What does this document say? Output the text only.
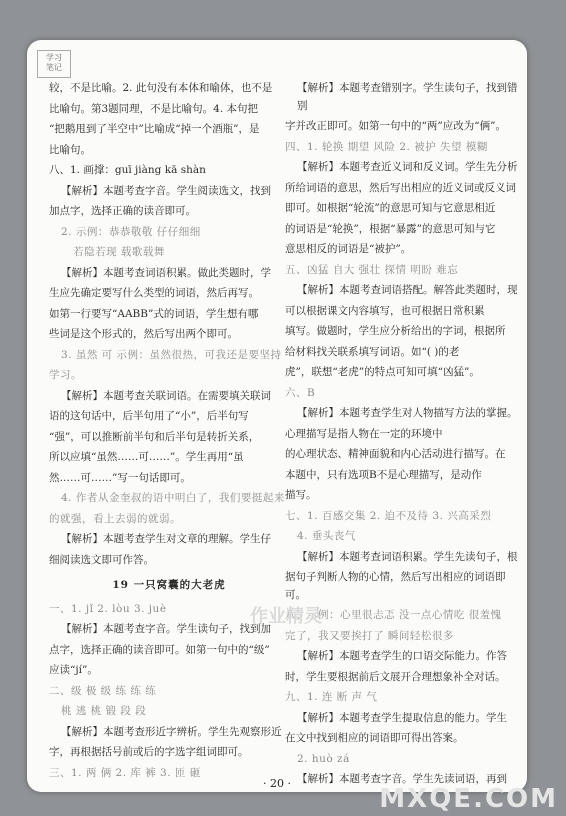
学习
笔记

较，不是比喻。2. 此句没有本体和喻体，也不是

比喻句。第3题同理，不是比喻句。4. 本句把

“把鹅甩到了半空中”比喻成“掉一个酒瓶”，是

比喻句。

八、1. 画撑：guī jiàng kā shàn

【解析】本题考查字音。学生阅读选文，找到

加点字，选择正确的读音即可。

2. 示例：恭恭敬敬 仔仔细细

若隐若现 载歌载舞

【解析】本题考查词语积累。做此类题时，学

生应先确定要写什么类型的词语，然后再写。

如第一行要写“AABB”式的词语，学生想有哪

些词是这个形式的，然后写出两个即可。

3. 虽然 可 示例：虽然很热，可我还是要坚持

学习。

【解析】本题考查关联词语。在需要填关联词

语的这句话中，后半句用了“小”，后半句写

“强”，可以推断前半句和后半句是转折关系，

所以应填“虽然……可……”。学生再用“虽

然……可……”写一句话即可。

4. 作者从金奎叔的语中明白了，我们要挺起来

的就强，看上去弱的就弱。

【解析】本题考查学生对文章的理解。学生仔

细阅读选文即可作答。

19 一只窝囊的大老虎

一、1. jǐ 2. lòu 3. juè

【解析】本题考查字音。学生读句子，找到加

点字，选择正确的读音即可。如第一句中的“级”

应读“jí”。

二、级 极 级 练 练 练

桃 逃 桃 锻 段 段

【解析】本题考查形近字辨析。学生先观察形近

字，再根据括号前或后的字选字组词即可。

三、1. 两 俩 2. 库 裤 3. 匝 砸

【解析】本题考查错别字。学生读句子，找到错别

字并改正即可。如第一句中的“两”应改为“俩”。

四、1. 轮换 期望 风险 2. 被护 失望 模糊

【解析】本题考查近义词和反义词。学生先分析

所给词语的意思，然后写出相应的近义词或反义词

即可。如根据“轮流”的意思可知与它意思相近

的词语是“轮换”，根据“暴露”的意思可知与它

意思相反的词语是“被护”。

五、凶猛 自大 强壮 探情 明盼 难忘

【解析】本题考查词语搭配。解答此类题时，现

可以根据课文内容填写，也可根据日常积累

填写。做题时，学生应分析给出的字词，根据所

给材料找关联系填写词语。如“( )的老

虎”，联想“老虎”的特点可知可填“凶猛”。

六、B

【解析】本题考查学生对人物描写方法的掌握。

心理描写是指人物在一定的环境中

的心理状态、精神面貌和内心活动进行描写。在

本题中，只有选项B不是心理描写，是动作

描写。

七、1. 百感交集 2. 迫不及待 3. 兴高采烈

4. 垂头丧气

【解析】本题考查词语积累。学生先读句子，根

据句子判断人物的心情，然后写出相应的词语即可。

八、示例：心里很忐忑 没一点心情吃 很羞愧

完了，我又要挨打了 瞬间轻松很多

【解析】本题考查学生的口语交际能力。作答

时，学生要根据前后文展开合理想象补全对话。

九、1. 连 断 声 气

【解析】本题考查学生提取信息的能力。学生

在文中找到相应的词语即可得出答案。

2. huò zá

【解析】本题考查字音。学生先读词语，再到

· 20 ·
作业精灵
MXQE.COM
